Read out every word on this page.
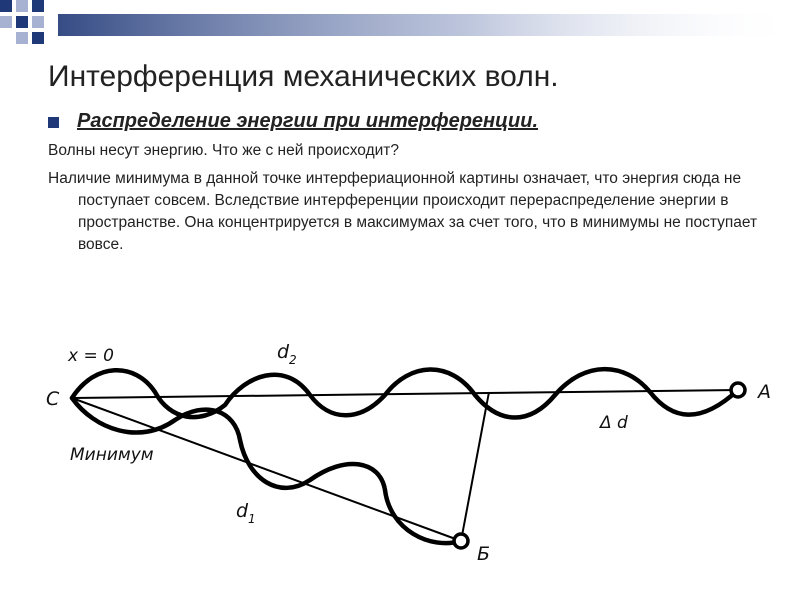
Интерференция механических волн.
Распределение энергии при интерференции.
Волны несут энергию. Что же с ней происходит?
Наличие минимума в данной точке интерфериационной картины означает, что энергия сюда не поступает совсем. Вследствие интерференции происходит перераспределение энергии в пространстве. Она концентрируется в максимумах за счет того, что в минимумы не поступает вовсе.
x = 0
C	A
Б
d 2
d 1
Δ d
Минимум
